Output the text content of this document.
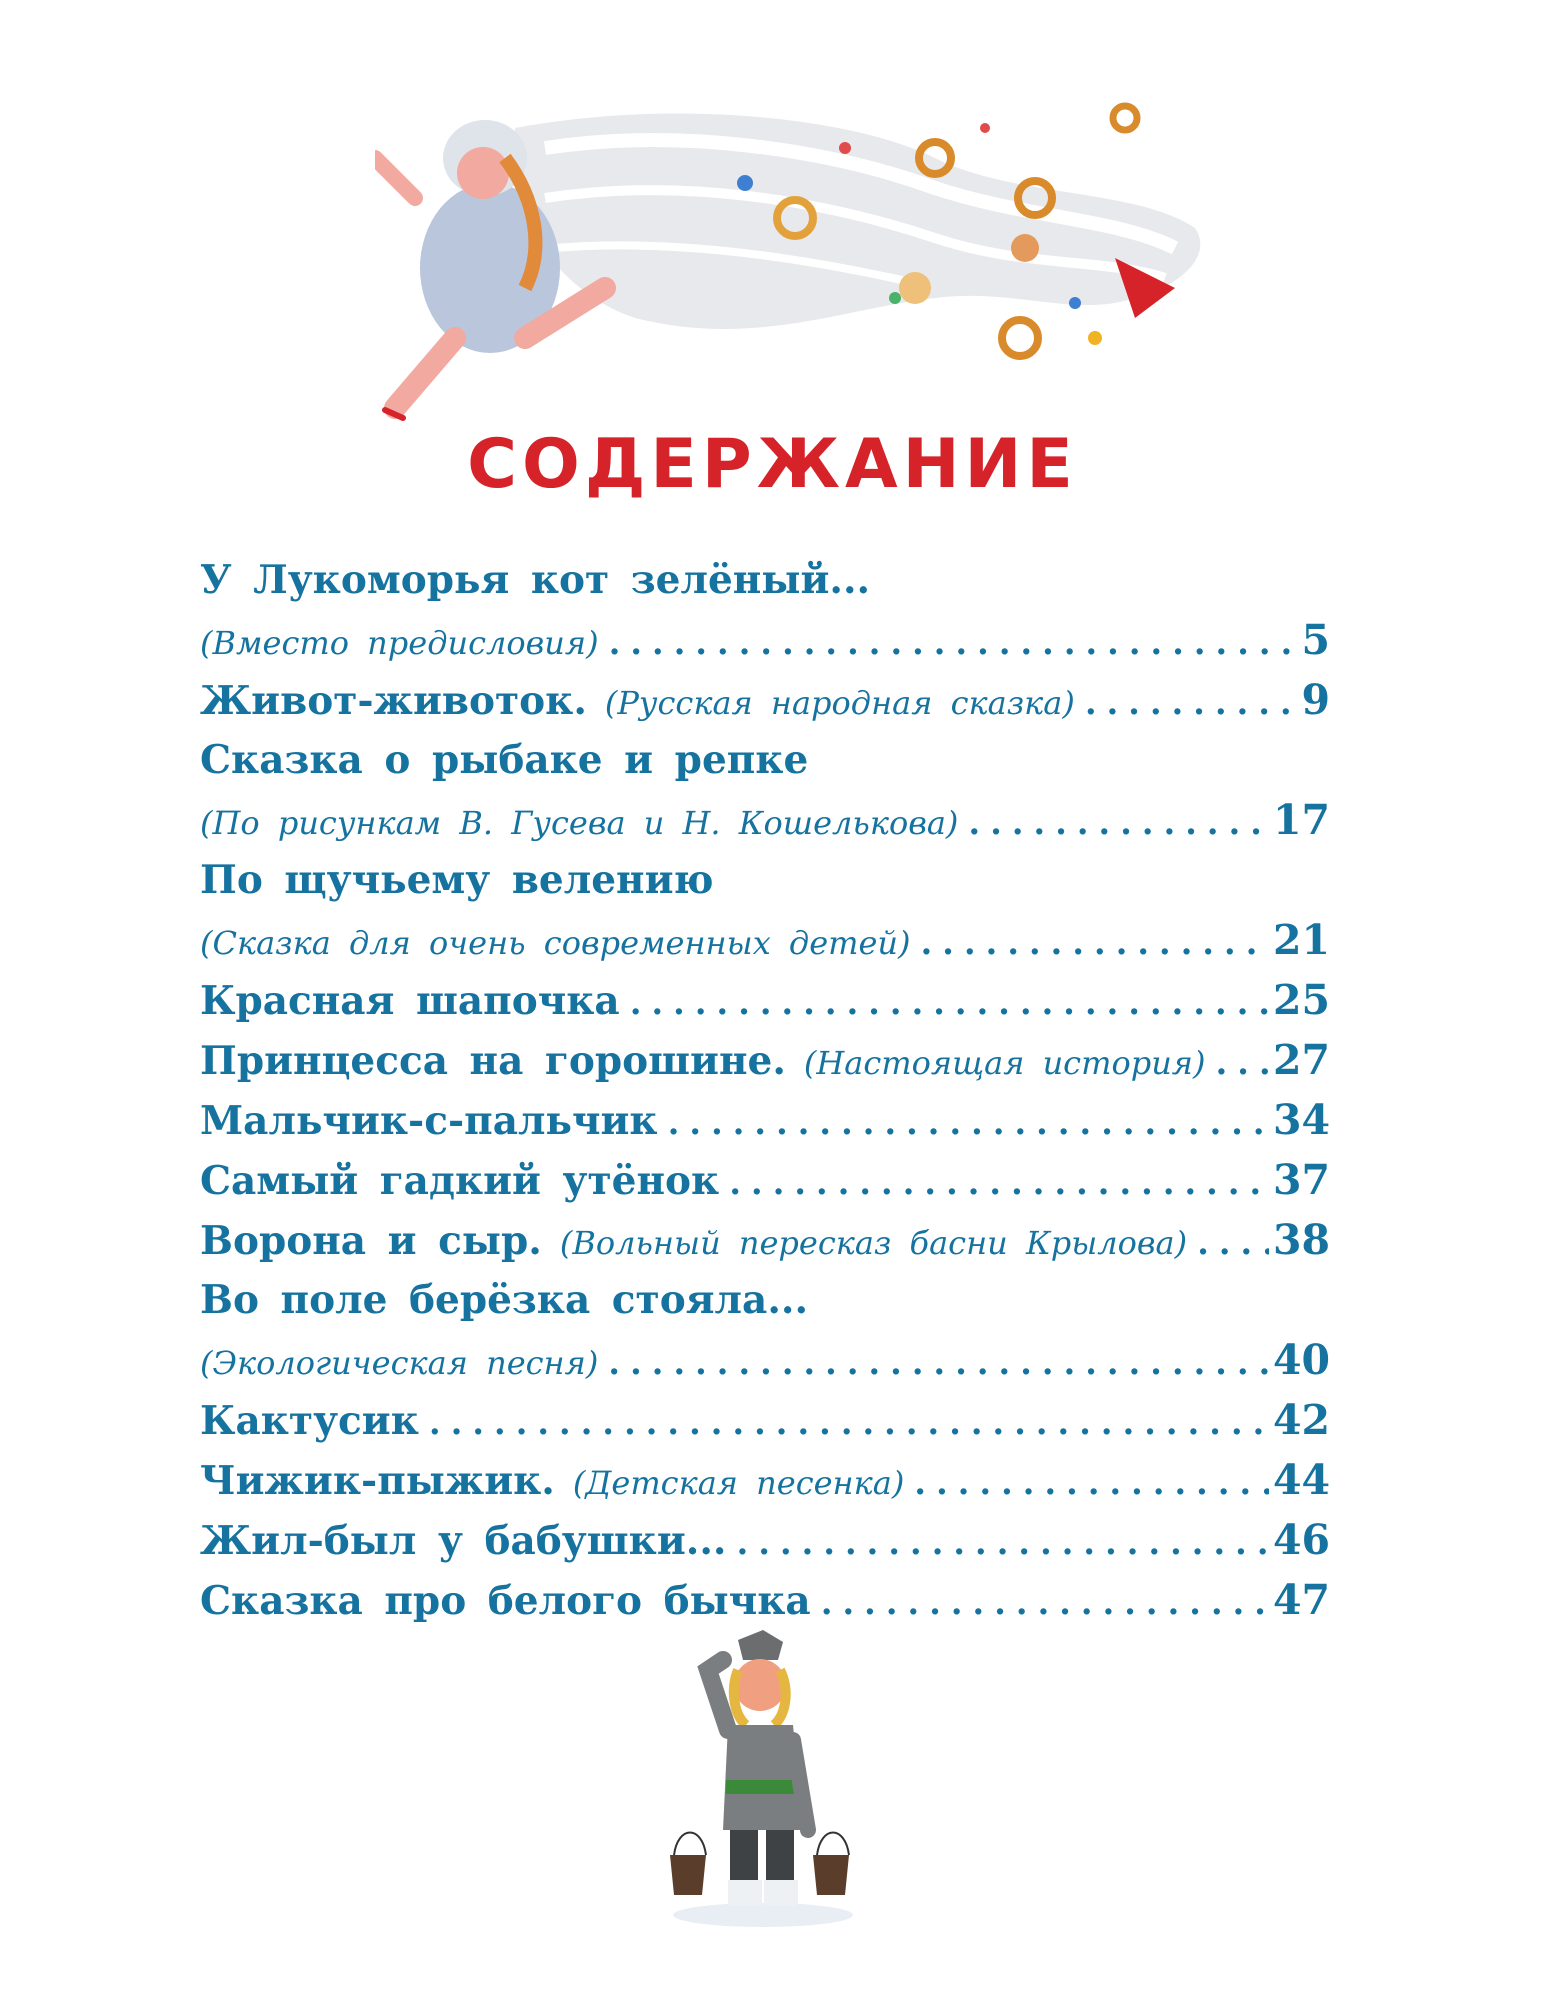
СОДЕРЖАНИЕ
У Лукоморья кот зелёный...
(Вместо предисловия) . . .	5
Живот-животок. (Русская народная сказка) . . .	9
Сказка о рыбаке и репке
(По рисункам В. Гусева и Н. Кошелькова) . . .	17
По щучьему велению
(Сказка для очень современных детей) . . .	21
Красная шапочка . . .	25
Принцесса на горошине. (Настоящая история) . . . 27
Мальчик-с-пальчик . . .	34
Самый гадкий утёнок . . .	37
Ворона и сыр. (Вольный пересказ басни Крылова) . . . 38
Во поле берёзка стояла...
(Экологическая песня) . . .	40
Кактусик . . .	42
Чижик-пыжик. (Детская песенка) . . .	44
Жил-был у бабушки... . . .	46
Сказка про белого бычка . . .	47
